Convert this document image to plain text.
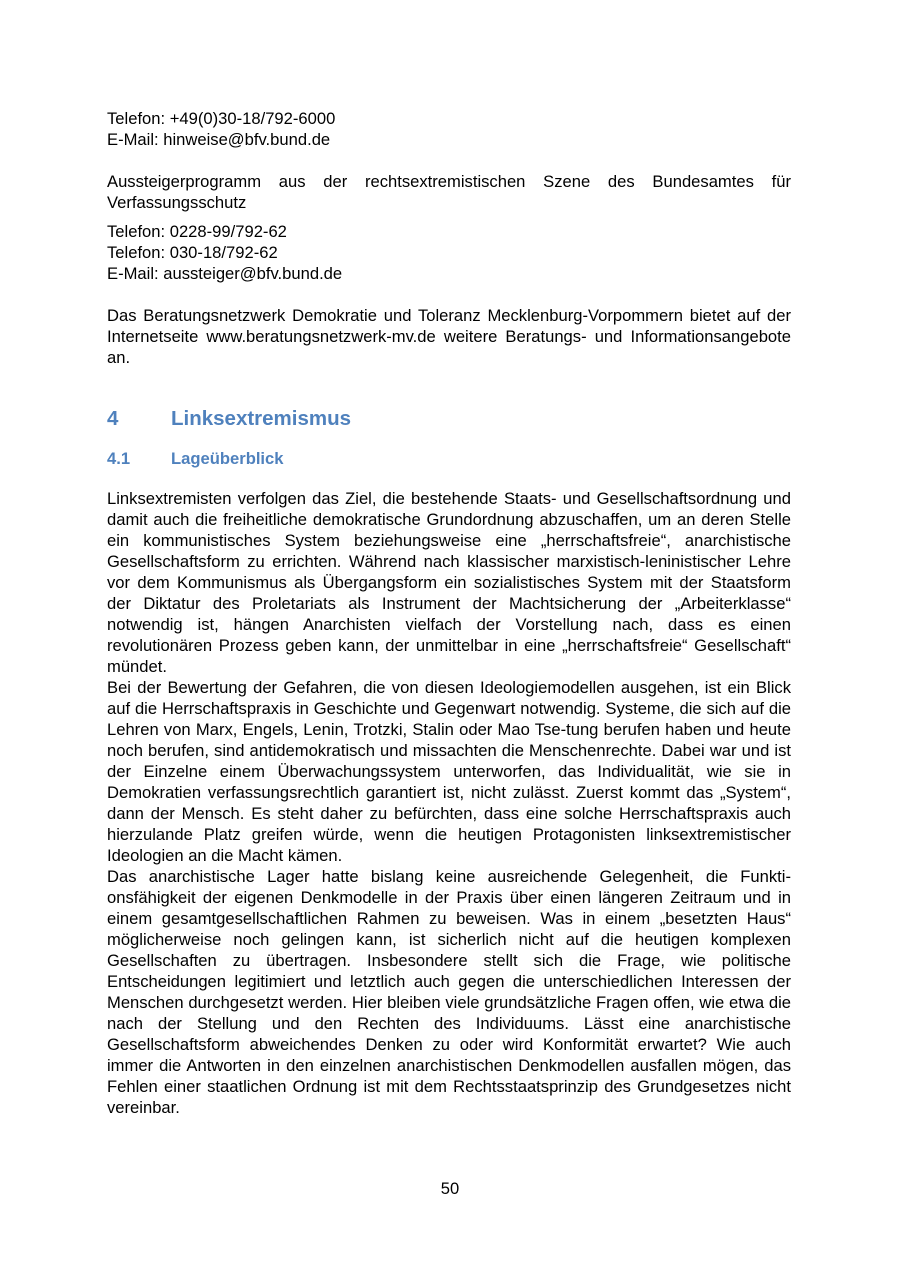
Telefon: +49(0)30-18/792-6000

E-Mail: hinweise@bfv.bund.de

Aussteigerprogramm aus der rechtsextremistischen Szene des Bundesamtes für Verfassungsschutz

Telefon: 0228-99/792-62

Telefon: 030-18/792-62

E-Mail: aussteiger@bfv.bund.de

Das Beratungsnetzwerk Demokratie und Toleranz Mecklenburg-Vorpommern bietet auf der Internetseite www.beratungsnetzwerk-mv.de weitere Beratungs- und Informationsangebote an.

4	Linksextremismus
4.1	Lageüberblick

Linksextremisten verfolgen das Ziel, die bestehende Staats- und Gesellschaftsordnung und damit auch die freiheitliche demokratische Grundordnung abzuschaffen, um an deren Stelle ein kommunistisches System beziehungsweise eine „herrschaftsfreie“, anarchistische Gesellschaftsform zu errichten. Während nach klassischer marxistisch-leninistischer Lehre vor dem Kommunismus als Übergangsform ein sozialistisches System mit der Staatsform der Diktatur des Proletariats als Instrument der Machtsicherung der „Arbeiterklasse“ notwendig ist, hängen Anarchisten vielfach der Vorstellung nach, dass es einen revolutionären Prozess geben kann, der unmittelbar in eine „herrschaftsfreie“ Gesellschaft“ mündet.

Bei der Bewertung der Gefahren, die von diesen Ideologiemodellen ausgehen, ist ein Blick auf die Herrschaftspraxis in Geschichte und Gegenwart notwendig. Systeme, die sich auf die Lehren von Marx, Engels, Lenin, Trotzki, Stalin oder Mao Tse-tung berufen haben und heute noch berufen, sind antidemokratisch und missachten die Menschenrechte. Dabei war und ist der Einzelne einem Überwachungssystem unterworfen, das Individualität, wie sie in Demokratien verfassungsrechtlich garantiert ist, nicht zulässt. Zuerst kommt das „System“, dann der Mensch. Es steht daher zu befürchten, dass eine solche Herrschaftspraxis auch hierzulande Platz greifen würde, wenn die heutigen Protagonisten linksextremistischer Ideologien an die Macht kämen.

Das anarchistische Lager hatte bislang keine ausreichende Gelegenheit, die Funktionsfähigkeit der eigenen Denkmodelle in der Praxis über einen längeren Zeitraum und in einem gesamtgesellschaftlichen Rahmen zu beweisen. Was in einem „besetzten Haus“ möglicherweise noch gelingen kann, ist sicherlich nicht auf die heutigen komplexen Gesellschaften zu übertragen. Insbesondere stellt sich die Frage, wie politische Entscheidungen legitimiert und letztlich auch gegen die unterschiedlichen Interessen der Menschen durchgesetzt werden. Hier bleiben viele grundsätzliche Fragen offen, wie etwa die nach der Stellung und den Rechten des Individuums. Lässt eine anarchistische Gesellschaftsform abweichendes Denken zu oder wird Konformität erwartet? Wie auch immer die Antworten in den einzelnen anarchistischen Denkmodellen ausfallen mögen, das Fehlen einer staatlichen Ordnung ist mit dem Rechtsstaatsprinzip des Grundgesetzes nicht vereinbar.

50
